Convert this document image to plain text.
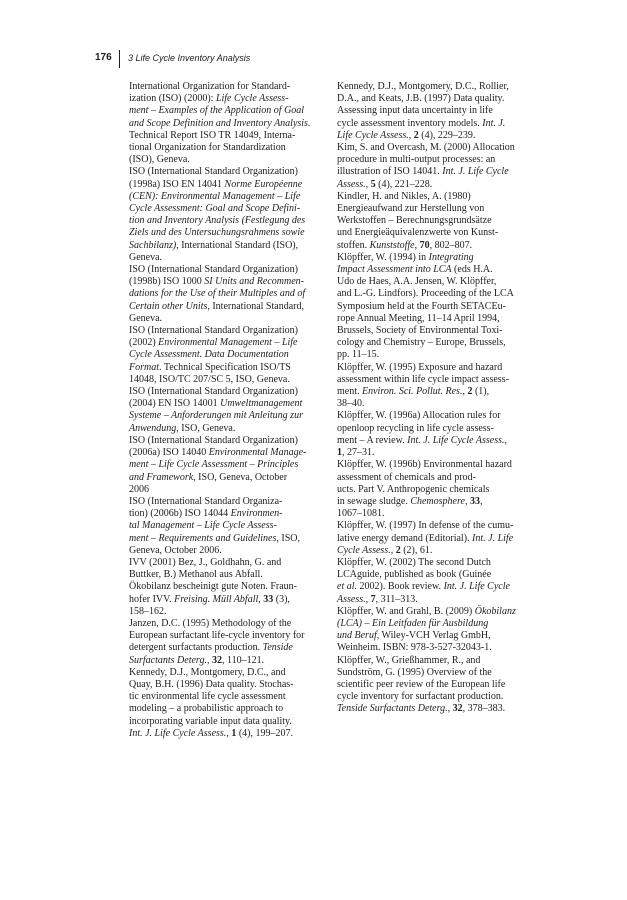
176 3 Life Cycle Inventory Analysis

International Organization for Standard-
ization (ISO) (2000): Life Cycle Assess-
ment – Examples of the Application of Goal
and Scope Definition and Inventory Analysis.
Technical Report ISO TR 14049, Interna-
tional Organization for Standardization
(ISO), Geneva.

ISO (International Standard Organization)
(1998a) ISO EN 14041 Norme Européenne
(CEN): Environmental Management – Life
Cycle Assessment: Goal and Scope Defini-
tion and Inventory Analysis (Festlegung des
Ziels und des Untersuchungsrahmens sowie
Sachbilanz), International Standard (ISO),
Geneva.

ISO (International Standard Organization)
(1998b) ISO 1000 SI Units and Recommen-
dations for the Use of their Multiples and of
Certain other Units, International Standard,
Geneva.

ISO (International Standard Organization)
(2002) Environmental Management – Life
Cycle Assessment. Data Documentation
Format. Technical Specification ISO/TS
14048, ISO/TC 207/SC 5, ISO, Geneva.

ISO (International Standard Organization)
(2004) EN ISO 14001 Umweltmanagement
Systeme – Anforderungen mit Anleitung zur
Anwendung, ISO, Geneva.

ISO (International Standard Organization)
(2006a) ISO 14040 Environmental Manage-
ment – Life Cycle Assessment – Principles
and Framework, ISO, Geneva, October
2006

ISO (International Standard Organiza-
tion) (2006b) ISO 14044 Environmen-
tal Management – Life Cycle Assess-
ment – Requirements and Guidelines, ISO,
Geneva, October 2006.

IVV (2001) Bez, J., Goldhahn, G. and
Buttker, B.) Methanol aus Abfall.
Ökobilanz bescheinigt gute Noten. Fraun-
hofer IVV. Freising. Müll Abfall, 33 (3),
158–162.

Janzen, D.C. (1995) Methodology of the
European surfactant life-cycle inventory for
detergent surfactants production. Tenside
Surfactants Deterg., 32, 110–121.

Kennedy, D.J., Montgomery, D.C., and
Quay, B.H. (1996) Data quality. Stochas-
tic environmental life cycle assessment
modeling – a probabilistic approach to
incorporating variable input data quality.
Int. J. Life Cycle Assess., 1 (4), 199–207.

Kennedy, D.J., Montgomery, D.C., Rollier,
D.A., and Keats, J.B. (1997) Data quality.
Assessing input data uncertainty in life
cycle assessment inventory models. Int. J.
Life Cycle Assess., 2 (4), 229–239.

Kim, S. and Overcash, M. (2000) Allocation
procedure in multi-output processes: an
illustration of ISO 14041. Int. J. Life Cycle
Assess., 5 (4), 221–228.

Kindler, H. and Nikles, A. (1980)
Energieaufwand zur Herstellung von
Werkstoffen – Berechnungsgrundsätze
und Energieäquivalenzwerte von Kunst-
stoffen. Kunststoffe, 70, 802–807.

Klöpffer, W. (1994) in Integrating
Impact Assessment into LCA (eds H.A.
Udo de Haes, A.A. Jensen, W. Klöpffer,
and L.-G. Lindfors). Proceeding of the LCA
Symposium held at the Fourth SETACEu-
rope Annual Meeting, 11–14 April 1994,
Brussels, Society of Environmental Toxi-
cology and Chemistry – Europe, Brussels,
pp. 11–15.

Klöpffer, W. (1995) Exposure and hazard
assessment within life cycle impact assess-
ment. Environ. Sci. Pollut. Res., 2 (1),
38–40.

Klöpffer, W. (1996a) Allocation rules for
openloop recycling in life cycle assess-
ment – A review. Int. J. Life Cycle Assess.,
1, 27–31.

Klöpffer, W. (1996b) Environmental hazard
assessment of chemicals and prod-
ucts. Part V. Anthropogenic chemicals
in sewage sludge. Chemosphere, 33,
1067–1081.

Klöpffer, W. (1997) In defense of the cumu-
lative energy demand (Editorial). Int. J. Life
Cycle Assess., 2 (2), 61.

Klöpffer, W. (2002) The second Dutch
LCAguide, published as book (Guinée
et al. 2002). Book review. Int. J. Life Cycle
Assess., 7, 311–313.

Klöpffer, W. and Grahl, B. (2009) Ökobilanz
(LCA) – Ein Leitfaden für Ausbildung
und Beruf, Wiley-VCH Verlag GmbH,
Weinheim. ISBN: 978-3-527-32043-1.

Klöpffer, W., Grießhammer, R., and
Sundström, G. (1995) Overview of the
scientific peer review of the European life
cycle inventory for surfactant production.
Tenside Surfactants Deterg., 32, 378–383.
